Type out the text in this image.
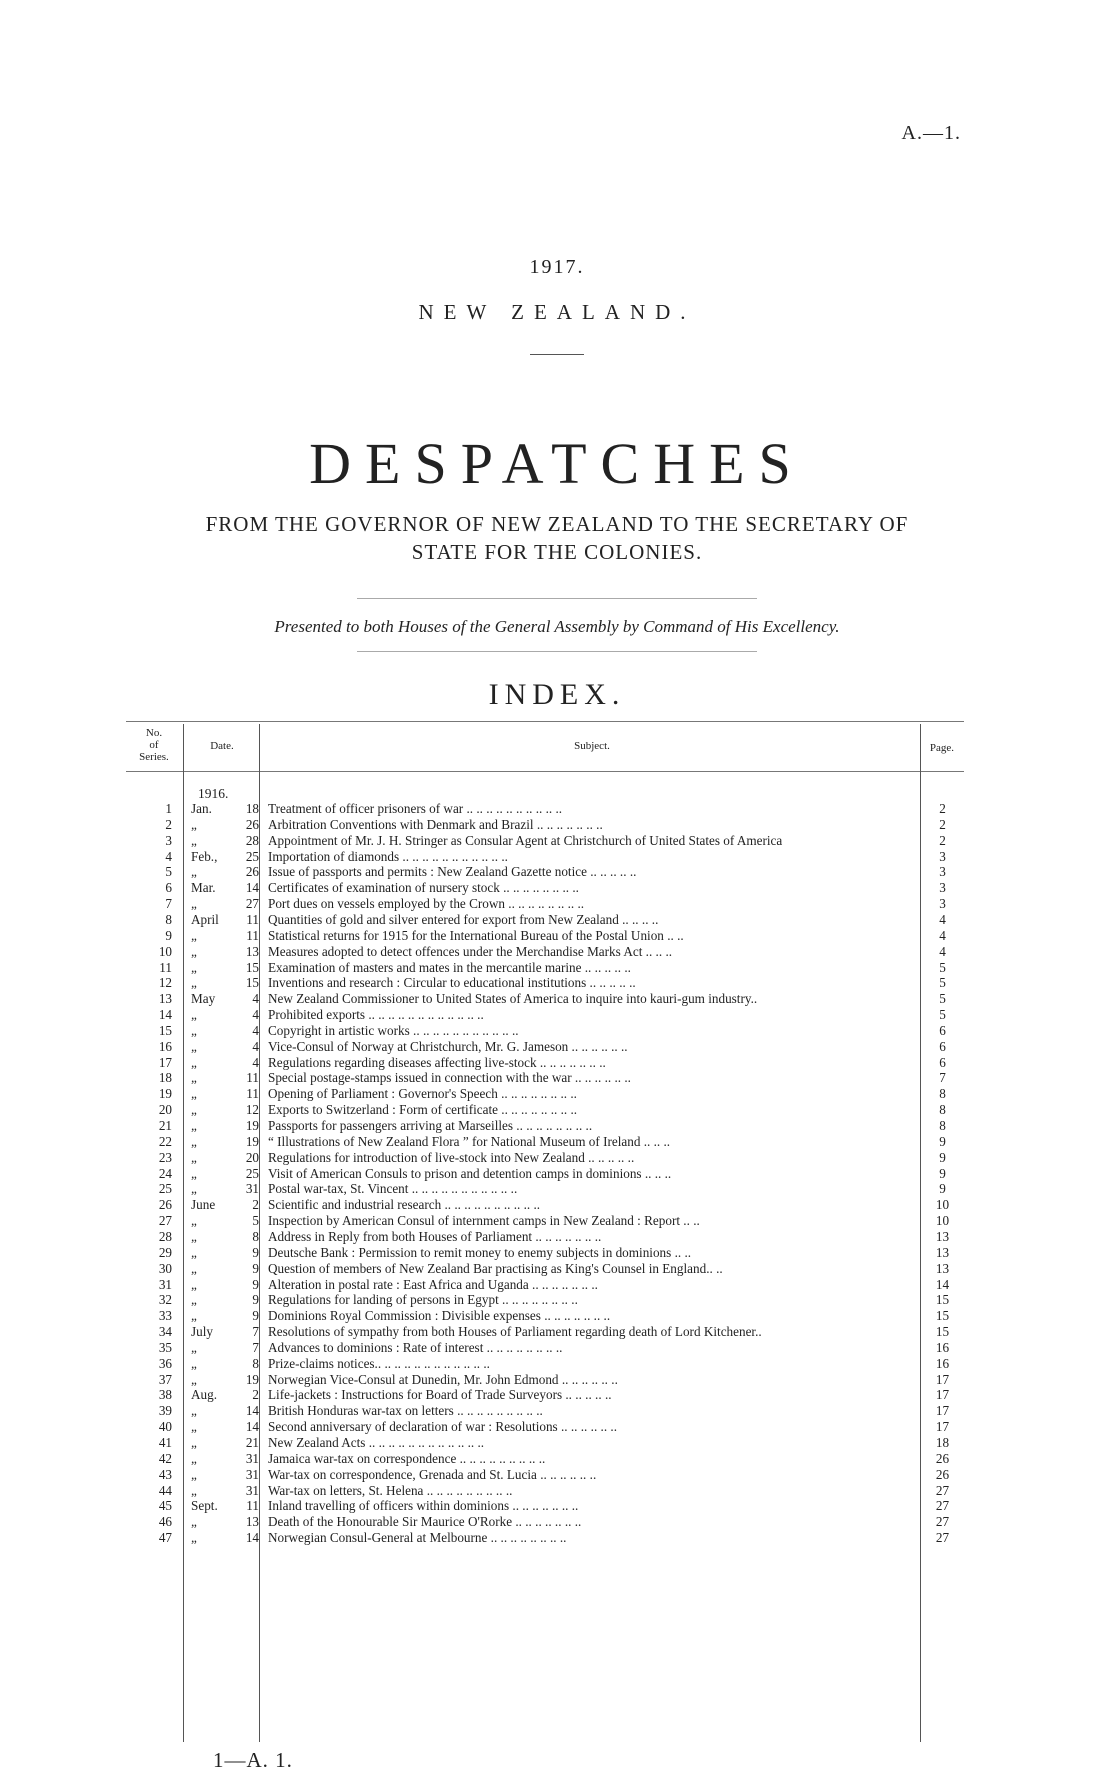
A.—1.
1917.
NEW ZEALAND.
DESPATCHES
FROM THE GOVERNOR OF NEW ZEALAND TO THE SECRETARY OF
STATE FOR THE COLONIES.
Presented to both Houses of the General Assembly by Command of His Excellency.
INDEX.
No.
of
Series.
Date.	Subject.	Page.
1916.
1 Jan.	18 Treatment of officer prisoners of war .. .. .. .. .. .. .. .. .. ..	2
2 „	26 Arbitration Conventions with Denmark and Brazil .. .. .. .. .. .. ..	2
3 „	28 Appointment of Mr. J. H. Stringer as Consular Agent at Christchurch of United States of America	2
4 Feb.,	25 Importation of diamonds .. .. .. .. .. .. .. .. .. .. ..	3
5 „	26 Issue of passports and permits : New Zealand Gazette notice .. .. .. .. ..	3
6 Mar.	14 Certificates of examination of nursery stock .. .. .. .. .. .. .. ..	3
7 „	27 Port dues on vessels employed by the Crown .. .. .. .. .. .. .. ..	3
8 April	11 Quantities of gold and silver entered for export from New Zealand .. .. .. ..	4
9 „	11 Statistical returns for 1915 for the International Bureau of the Postal Union .. ..	4
10 „	13 Measures adopted to detect offences under the Merchandise Marks Act .. .. ..	4
11 „	15 Examination of masters and mates in the mercantile marine .. .. .. .. ..	5
12 „	15 Inventions and research : Circular to educational institutions .. .. .. .. ..	5
13 May	4 New Zealand Commissioner to United States of America to inquire into kauri-gum industry..	5
14 „	4 Prohibited exports .. .. .. .. .. .. .. .. .. .. .. ..	5
15 „	4 Copyright in artistic works .. .. .. .. .. .. .. .. .. .. ..	6
16 „	4 Vice-Consul of Norway at Christchurch, Mr. G. Jameson .. .. .. .. .. ..	6
17 „	4 Regulations regarding diseases affecting live-stock .. .. .. .. .. .. ..	6
18 „	11 Special postage-stamps issued in connection with the war .. .. .. .. .. ..	7
19 „	11 Opening of Parliament : Governor's Speech .. .. .. .. .. .. .. ..	8
20 „	12 Exports to Switzerland : Form of certificate .. .. .. .. .. .. .. ..	8
21 „	19 Passports for passengers arriving at Marseilles .. .. .. .. .. .. .. ..	8
22 „	19 “ Illustrations of New Zealand Flora ” for National Museum of Ireland .. .. ..	9
23 „	20 Regulations for introduction of live-stock into New Zealand .. .. .. .. ..	9
24 „	25 Visit of American Consuls to prison and detention camps in dominions .. .. ..	9
25 „	31 Postal war-tax, St. Vincent .. .. .. .. .. .. .. .. .. .. ..	9
26 June	2 Scientific and industrial research .. .. .. .. .. .. .. .. .. ..	10
27 „	5 Inspection by American Consul of internment camps in New Zealand : Report .. ..	10
28 „	8 Address in Reply from both Houses of Parliament .. .. .. .. .. .. ..	13
29 „	9 Deutsche Bank : Permission to remit money to enemy subjects in dominions .. ..	13
30 „	9 Question of members of New Zealand Bar practising as King's Counsel in England.. ..	13
31 „	9 Alteration in postal rate : East Africa and Uganda .. .. .. .. .. .. ..	14
32 „	9 Regulations for landing of persons in Egypt .. .. .. .. .. .. .. ..	15
33 „	9 Dominions Royal Commission : Divisible expenses .. .. .. .. .. .. ..	15
34 July	7 Resolutions of sympathy from both Houses of Parliament regarding death of Lord Kitchener..	15
35 „	7 Advances to dominions : Rate of interest .. .. .. .. .. .. .. ..	16
36 „	8 Prize-claims notices.. .. .. .. .. .. .. .. .. .. .. ..	16
37 „	19 Norwegian Vice-Consul at Dunedin, Mr. John Edmond .. .. .. .. .. ..	17
38 Aug.	2 Life-jackets : Instructions for Board of Trade Surveyors .. .. .. .. ..	17
39 „	14 British Honduras war-tax on letters .. .. .. .. .. .. .. .. ..	17
40 „	14 Second anniversary of declaration of war : Resolutions .. .. .. .. .. ..	17
41 „	21 New Zealand Acts .. .. .. .. .. .. .. .. .. .. .. ..	18
42 „	31 Jamaica war-tax on correspondence .. .. .. .. .. .. .. .. ..	26
43 „	31 War-tax on correspondence, Grenada and St. Lucia .. .. .. .. .. ..	26
44 „	31 War-tax on letters, St. Helena .. .. .. .. .. .. .. .. ..	27
45 Sept.	11 Inland travelling of officers within dominions .. .. .. .. .. .. ..	27
46 „	13 Death of the Honourable Sir Maurice O'Rorke .. .. .. .. .. .. ..	27
47 „	14 Norwegian Consul-General at Melbourne .. .. .. .. .. .. .. ..	27
1—A. 1.
